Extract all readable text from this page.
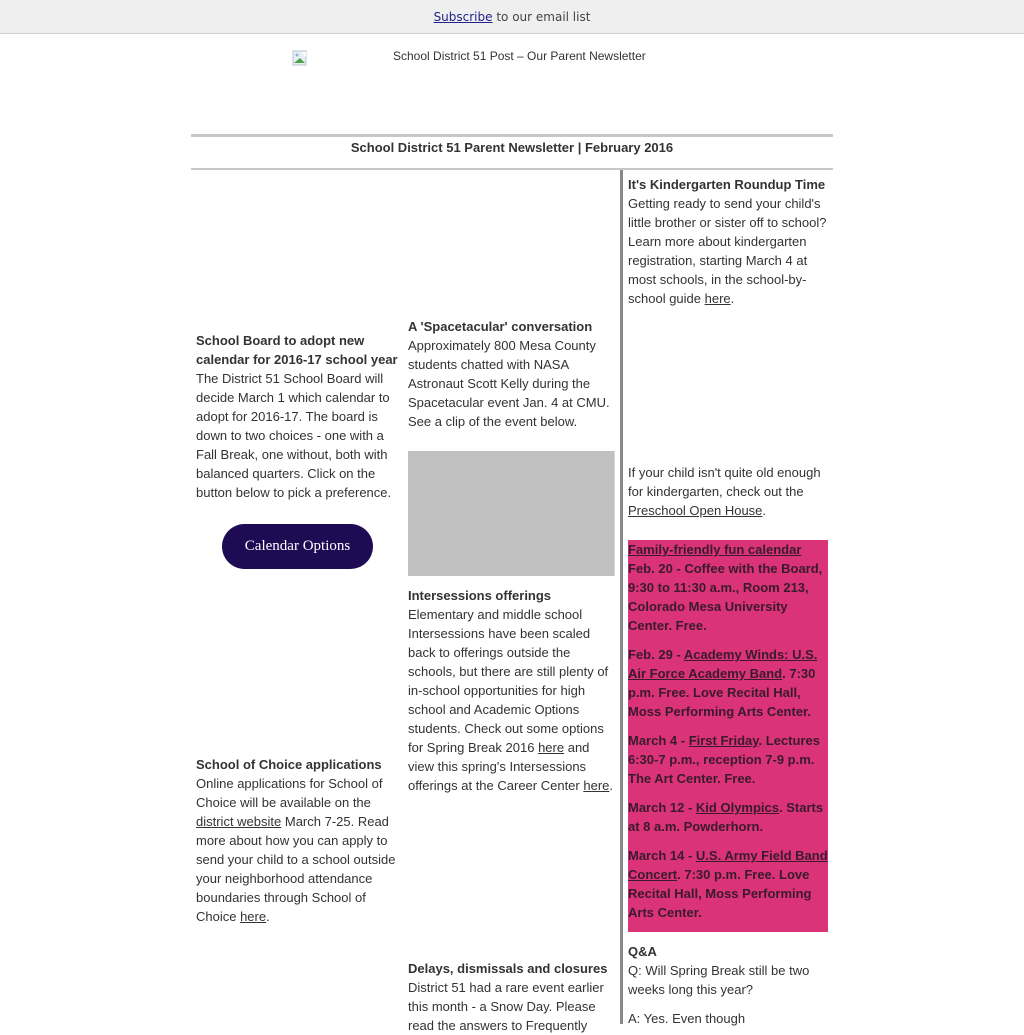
Subscribe to our email list
School District 51 Post – Our Parent Newsletter
School District 51 Parent Newsletter | February 2016
School Board to adopt new calendar for 2016-17 school year

The District 51 School Board will decide March 1 which calendar to adopt for 2016-17. The board is down to two choices - one with a Fall Break, one without, both with balanced quarters. Click on the button below to pick a preference.

Calendar Options
School of Choice applications

Online applications for School of Choice will be available on the district website March 7-25. Read more about how you can apply to send your child to a school outside your neighborhood attendance boundaries through School of Choice here.

A 'Spacetacular' conversation

Approximately 800 Mesa County students chatted with NASA Astronaut Scott Kelly during the Spacetacular event Jan. 4 at CMU. See a clip of the event below.

Intersessions offerings

Elementary and middle school Intersessions have been scaled back to offerings outside the schools, but there are still plenty of in-school opportunities for high school and Academic Options students. Check out some options for Spring Break 2016 here and view this spring's Intersessions offerings at the Career Center here.

Delays, dismissals and closures

District 51 had a rare event earlier this month - a Snow Day. Please read the answers to Frequently

It's Kindergarten Roundup Time

Getting ready to send your child's little brother or sister off to school? Learn more about kindergarten registration, starting March 4 at most schools, in the school-by-school guide here.

If your child isn't quite old enough for kindergarten, check out the Preschool Open House.

Family-friendly fun calendar
Feb. 20 - Coffee with the Board, 9:30 to 11:30 a.m., Room 213, Colorado Mesa University Center. Free.
Feb. 29 - Academy Winds: U.S. Air Force Academy Band. 7:30 p.m. Free. Love Recital Hall, Moss Performing Arts Center.
March 4 - First Friday. Lectures 6:30-7 p.m., reception 7-9 p.m. The Art Center. Free.
March 12 - Kid Olympics. Starts at 8 a.m. Powderhorn.
March 14 - U.S. Army Field Band Concert. 7:30 p.m. Free. Love Recital Hall, Moss Performing Arts Center.
Q&A

Q: Will Spring Break still be two weeks long this year?

A: Yes. Even though
